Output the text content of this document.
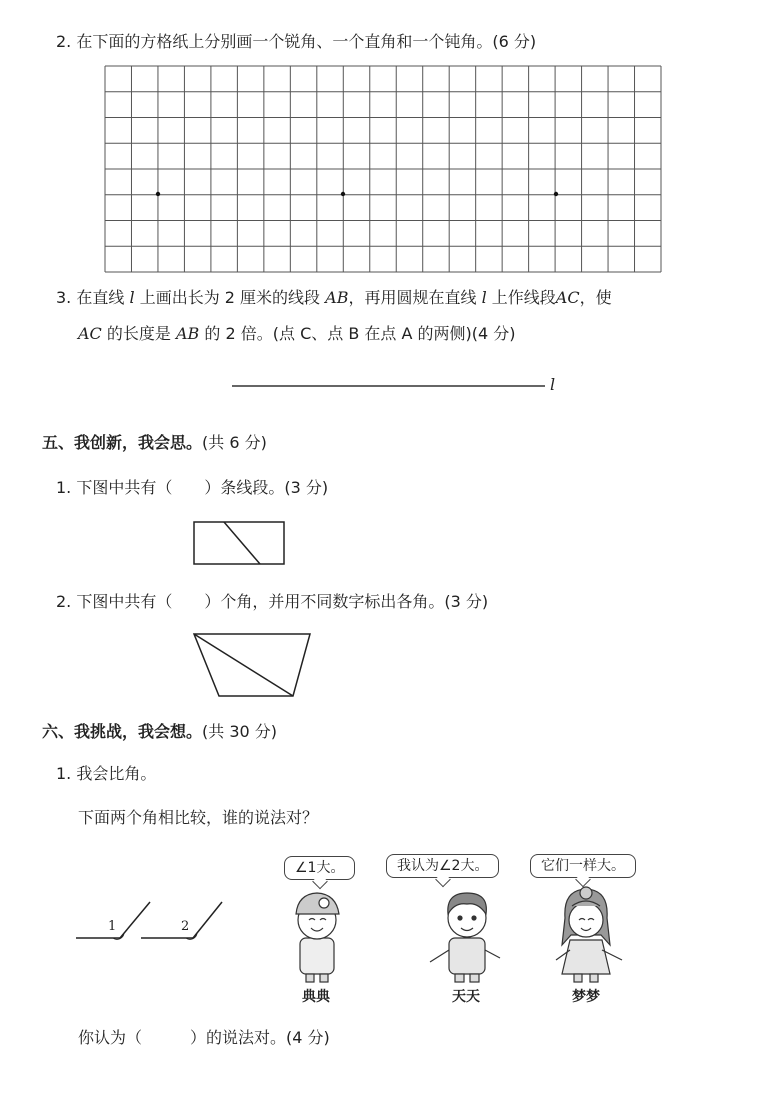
2. 在下面的方格纸上分别画一个锐角、一个直角和一个钝角。(6 分)
3. 在直线 l 上画出长为 2 厘米的线段 AB，再用圆规在直线 l 上作线段AC，使
AC 的长度是 AB 的 2 倍。(点 C、点 B 在点 A 的两侧)(4 分)
l
五、我创新，我会思。(共 6 分)
1. 下图中共有（　　）条线段。(3 分)
2. 下图中共有（　　）个角，并用不同数字标出各角。(3 分)
六、我挑战，我会想。(共 30 分)
1. 我会比角。
下面两个角相比较，谁的说法对？
1	2
∠1大。	我认为∠2大。	它们一样大。
典典	天天	梦梦
你认为（　　　）的说法对。(4 分)
